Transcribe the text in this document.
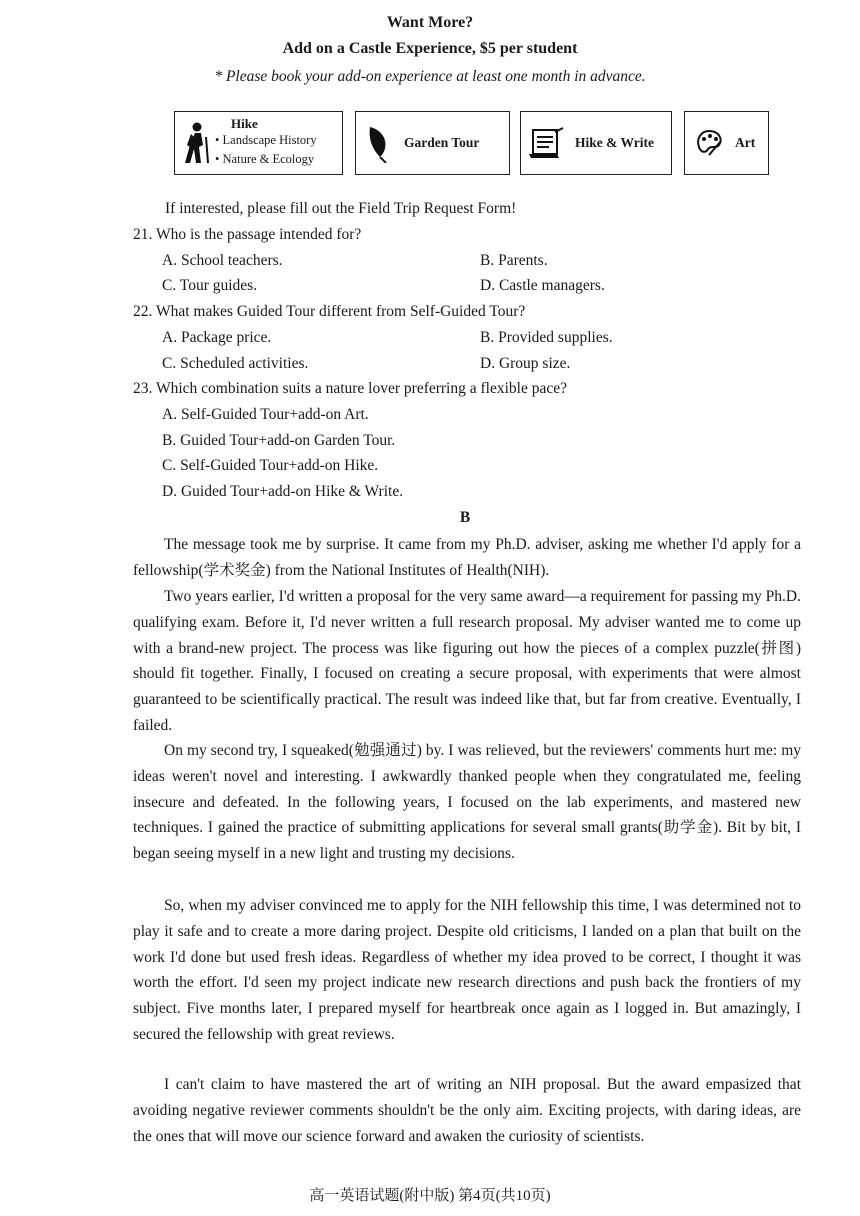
Want More?
Add on a Castle Experience, $5 per student
* Please book your add-on experience at least one month in advance.
Hike
• Landscape History
• Nature & Ecology
Garden Tour	Hike & Write	Art
If interested, please fill out the Field Trip Request Form!
21. Who is the passage intended for?
A. School teachers.	B. Parents.
C. Tour guides.	D. Castle managers.
22. What makes Guided Tour different from Self-Guided Tour?
A. Package price.	B. Provided supplies.
C. Scheduled activities.	D. Group size.
23. Which combination suits a nature lover preferring a flexible pace?
A. Self-Guided Tour+add-on Art.
B. Guided Tour+add-on Garden Tour.
C. Self-Guided Tour+add-on Hike.
D. Guided Tour+add-on Hike & Write.
B
The message took me by surprise. It came from my Ph.D. adviser, asking me whether I'd apply for a fellowship(学术奖金) from the National Institutes of Health(NIH).
Two years earlier, I'd written a proposal for the very same award—a requirement for passing my Ph.D. qualifying exam. Before it, I'd never written a full research proposal. My adviser wanted me to come up with a brand-new project. The process was like figuring out how the pieces of a complex puzzle(拼图) should fit together. Finally, I focused on creating a secure proposal, with experiments that were almost guaranteed to be scientifically practical. The result was indeed like that, but far from creative. Eventually, I failed.
On my second try, I squeaked(勉强通过) by. I was relieved, but the reviewers' comments hurt me: my ideas weren't novel and interesting. I awkwardly thanked people when they congratulated me, feeling insecure and defeated. In the following years, I focused on the lab experiments, and mastered new techniques. I gained the practice of submitting applications for several small grants(助学金). Bit by bit, I began seeing myself in a new light and trusting my decisions.
So, when my adviser convinced me to apply for the NIH fellowship this time, I was determined not to play it safe and to create a more daring project. Despite old criticisms, I landed on a plan that built on the work I'd done but used fresh ideas. Regardless of whether my idea proved to be correct, I thought it was worth the effort. I'd seen my project indicate new research directions and push back the frontiers of my subject. Five months later, I prepared myself for heartbreak once again as I logged in. But amazingly, I secured the fellowship with great reviews.
I can't claim to have mastered the art of writing an NIH proposal. But the award empasized that avoiding negative reviewer comments shouldn't be the only aim. Exciting projects, with daring ideas, are the ones that will move our science forward and awaken the curiosity of scientists.
高一英语试题(附中版) 第4页(共10页)
